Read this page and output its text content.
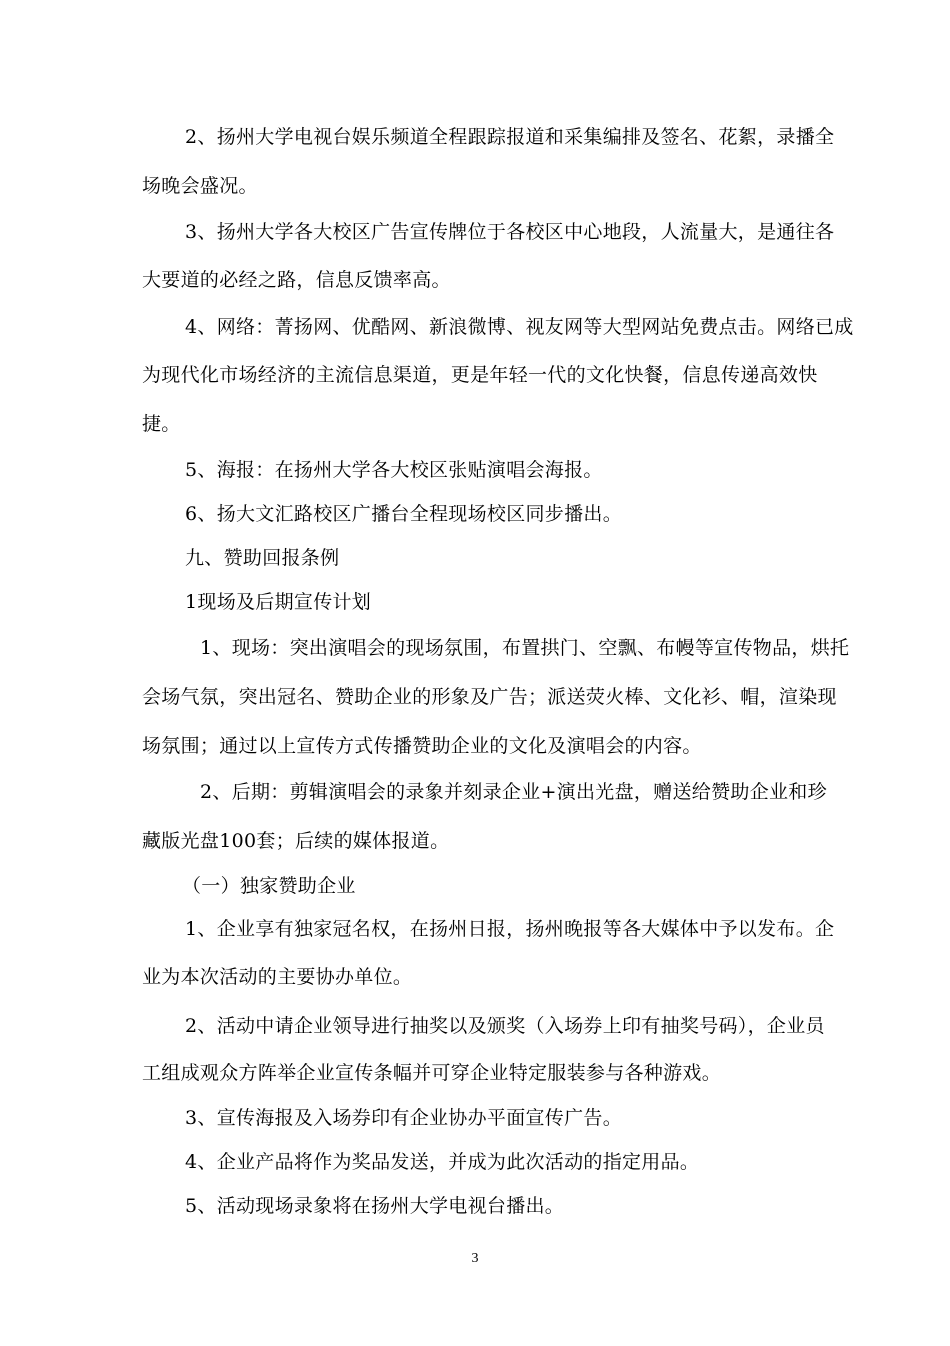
2、扬州大学电视台娱乐频道全程跟踪报道和采集编排及签名、花絮，录播全
场晚会盛况。
3、扬州大学各大校区广告宣传牌位于各校区中心地段，人流量大，是通往各
大要道的必经之路，信息反馈率高。
4、网络：菁扬网、优酷网、新浪微博、视友网等大型网站免费点击。网络已成
为现代化市场经济的主流信息渠道，更是年轻一代的文化快餐，信息传递高效快
捷。
5、海报：在扬州大学各大校区张贴演唱会海报。
6、扬大文汇路校区广播台全程现场校区同步播出。
九、赞助回报条例
1现场及后期宣传计划
1、现场：突出演唱会的现场氛围，布置拱门、空飘、布幔等宣传物品，烘托
会场气氛，突出冠名、赞助企业的形象及广告；派送荧火棒、文化衫、帽，渲染现
场氛围；通过以上宣传方式传播赞助企业的文化及演唱会的内容。
2、后期：剪辑演唱会的录象并刻录企业+演出光盘，赠送给赞助企业和珍
藏版光盘100套；后续的媒体报道。
（一）独家赞助企业
1、企业享有独家冠名权，在扬州日报，扬州晚报等各大媒体中予以发布。企
业为本次活动的主要协办单位。
2、活动中请企业领导进行抽奖以及颁奖（入场券上印有抽奖号码），企业员
工组成观众方阵举企业宣传条幅并可穿企业特定服装参与各种游戏。
3、宣传海报及入场券印有企业协办平面宣传广告。
4、企业产品将作为奖品发送，并成为此次活动的指定用品。
5、活动现场录象将在扬州大学电视台播出。
3
